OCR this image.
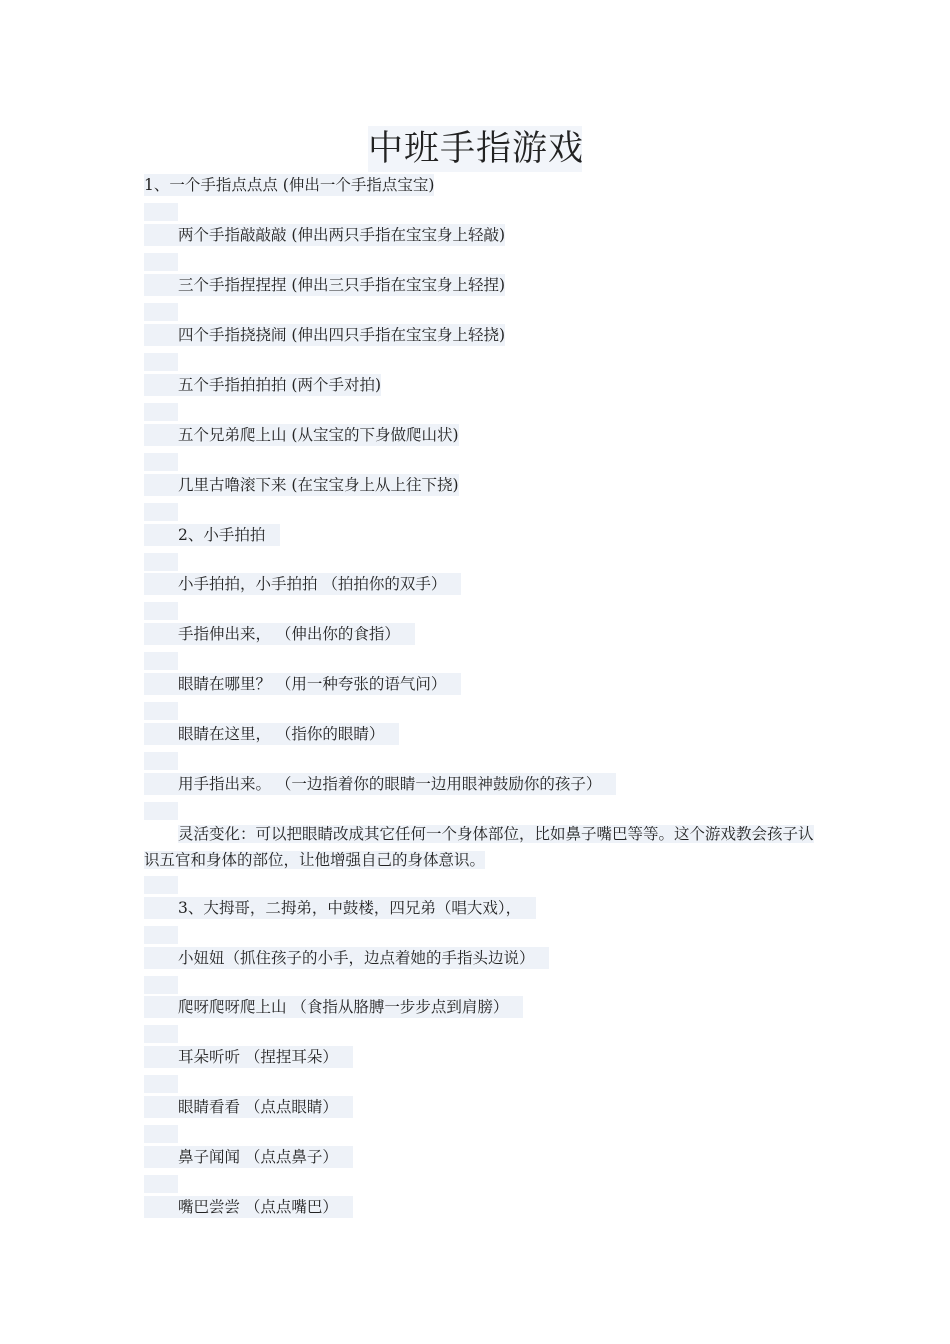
中班手指游戏
1、一个手指点点点 (伸出一个手指点宝宝)
两个手指敲敲敲 (伸出两只手指在宝宝身上轻敲)
三个手指捏捏捏 (伸出三只手指在宝宝身上轻捏)
四个手指挠挠闹 (伸出四只手指在宝宝身上轻挠)
五个手指拍拍拍 (两个手对拍)
五个兄弟爬上山 (从宝宝的下身做爬山状)
几里古噜滚下来 (在宝宝身上从上往下挠)
2、小手拍拍
小手拍拍，小手拍拍 （拍拍你的双手）
手指伸出来， （伸出你的食指）
眼睛在哪里？ （用一种夸张的语气问）
眼睛在这里， （指你的眼睛）
用手指出来。 （一边指着你的眼睛一边用眼神鼓励你的孩子）
灵活变化：可以把眼睛改成其它任何一个身体部位，比如鼻子嘴巴等等。这个游戏教会孩子认识五官和身体的部位，让他增强自己的身体意识。
3、大拇哥，二拇弟，中鼓楼，四兄弟（唱大戏），
小妞妞（抓住孩子的小手，边点着她的手指头边说）
爬呀爬呀爬上山 （食指从胳膊一步步点到肩膀）
耳朵听听 （捏捏耳朵）
眼睛看看 （点点眼睛）
鼻子闻闻 （点点鼻子）
嘴巴尝尝 （点点嘴巴）
